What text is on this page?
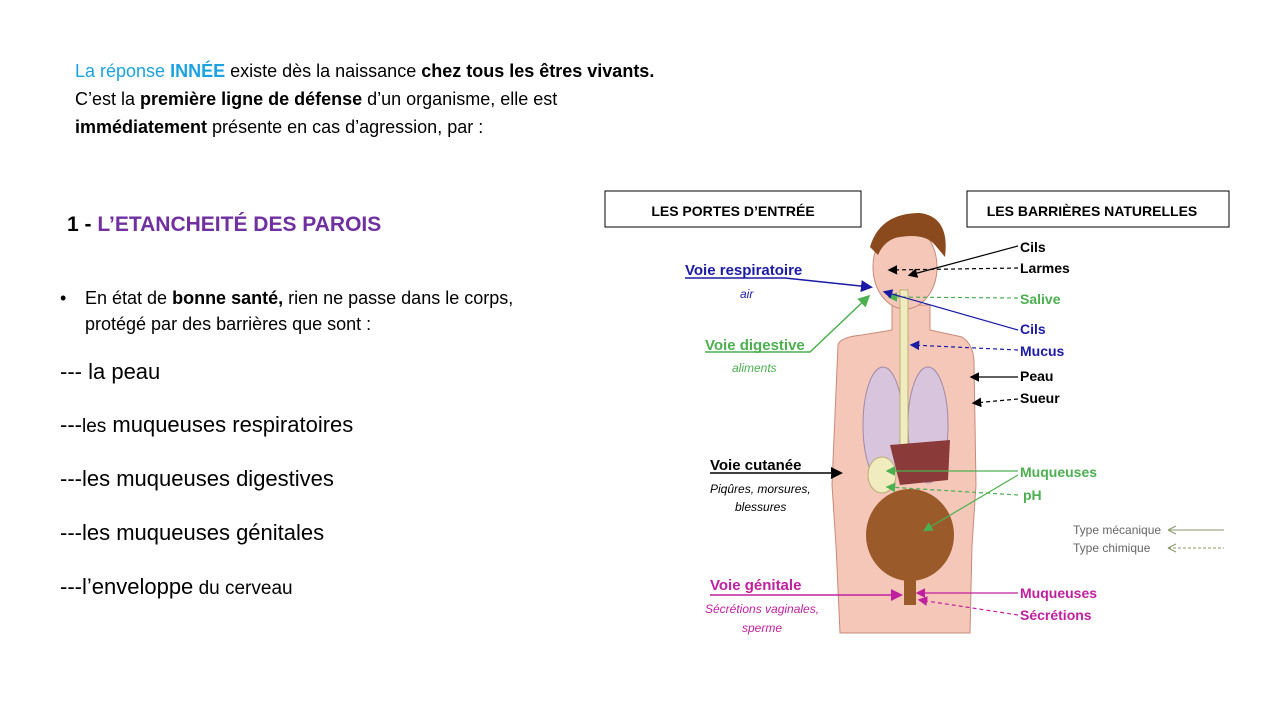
La réponse INNÉE existe dès la naissance chez tous les êtres vivants.
C’est la première ligne de défense d’un organisme, elle est
immédiatement présente en cas d’agression, par :
1 - L’ETANCHEITÉ DES PAROIS
• En état de bonne santé, rien ne passe dans le corps, protégé par des barrières que sont :
--- la peau
---les muqueuses respiratoires
---les muqueuses digestives
---les muqueuses génitales
---l’enveloppe du cerveau
LES PORTES D’ENTRÉE	LES BARRIÈRES NATURELLES
Voie respiratoire
air
Voie digestive
aliments
Voie cutanée
Piqûres, morsures,
blessures
Voie génitale
Sécrétions vaginales,
sperme
Cils
Larmes
Salive
Cils
Mucus
Peau
Sueur
Muqueuses
pH
Muqueuses
Sécrétions
Type mécanique
Type chimique
